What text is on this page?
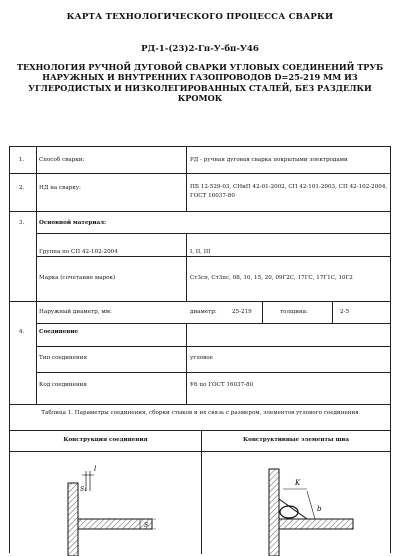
КАРТА ТЕХНОЛОГИЧЕСКОГО ПРОЦЕССА СВАРКИ
РД-1-(23)2-Гп-У-бп-У46
ТЕХНОЛОГИЯ РУЧНОЙ ДУГОВОЙ СВАРКИ УГЛОВЫХ СОЕДИНЕНИЙ ТРУБ НАРУЖНЫХ И ВНУТРЕННИХ ГАЗОПРОВОДОВ D=25-219 ММ ИЗ УГЛЕРОДИСТЫХ И НИЗКОЛЕГИРОВАННЫХ СТАЛЕЙ, БЕЗ РАЗДЕЛКИ КРОМОК
1.	Способ сварки:	РД - ручная дуговая сварка покрытыми электродами
2.	НД на сварку:	ПБ 12-529-03, СНиП 42-01-2002, СП 42-101-2003, СП 42-102-2004, ГОСТ 16037-80
3.	Основной материал:
Группа по СП 42-102-2004	I, II, III
Марка (сочетание марок)	Ст3сп, Ст3пс, 08, 10, 15, 20, 09Г2С, 17ГС, 17Г1С, 10Г2
Наружный диаметр, мм:	диаметр:	25-219	толщина:	2-5
4.	Соединение
Тип соединения	угловое
Код соединения	У6 по ГОСТ 16037-80
Таблица 1. Параметры соединения, сборки стыков и их связь с размером, элементов углового соединения
Конструкция соединения	Конструктивные элементы шва
l
S₁
S
K
b
